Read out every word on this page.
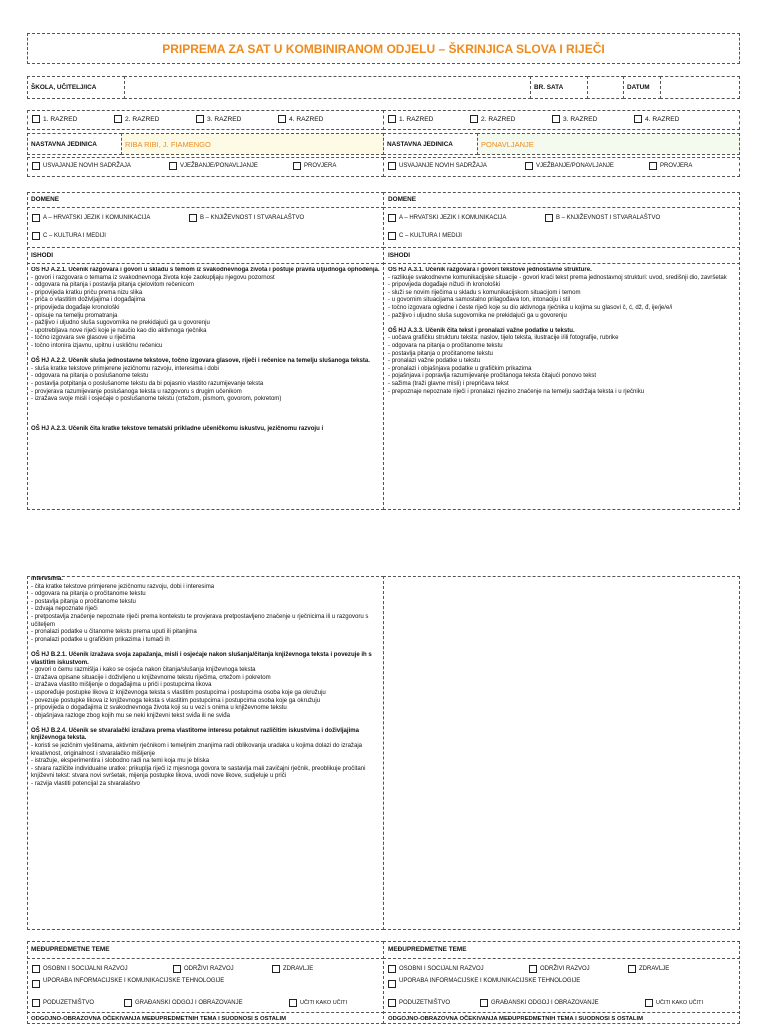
PRIPREMA ZA SAT U KOMBINIRANOM ODJELU – ŠKRINJICA SLOVA I RIJEČI
ŠKOLA, UČITELJ/ICA	BR. SATA	DATUM
1. RAZRED	2. RAZRED	3. RAZRED	4. RAZRED	1. RAZRED	2. RAZRED	3. RAZRED	4. RAZRED
NASTAVNA JEDINICA	RIBA RIBI, J. FIAMENGO	NASTAVNA JEDINICA	PONAVLJANJE
USVAJANJE NOVIH SADRŽAJA	VJEŽBANJE/PONAVLJANJE	PROVJERA	USVAJANJE NOVIH SADRŽAJA	VJEŽBANJE/PONAVLJANJE	PROVJERA
DOMENE
A – HRVATSKI JEZIK I KOMUNIKACIJA	B – KNJIŽEVNOST I STVARALAŠTVO
C – KULTURA I MEDIJI
ISHODI
DOMENE
A – HRVATSKI JEZIK I KOMUNIKACIJA	B – KNJIŽEVNOST I STVARALAŠTVO
C – KULTURA I MEDIJI
ISHODI
OŠ HJ A.2.1. Učenik razgovara i govori u skladu s temom iz svakodnevnoga života i poštuje pravila uljudnoga ophođenja.
- govori i razgovara o temama iz svakodnevnoga života koje zaokupljaju njegovu pozornost
- odgovara na pitanja i postavlja pitanja cjelovitom rečenicom
- pripovijeda kratku priču prema nizu slika
- priča o vlastitim doživljajima i događajima
- pripovijeda događaje kronološki
- opisuje na temelju promatranja
- pažljivo i uljudno sluša sugovornika ne prekidajući ga u govorenju
- upotrebljava nove riječi koje je naučio kao dio aktivnoga rječnika
- točno izgovara sve glasove u riječima
- točno intonira izjavnu, upitnu i uskličnu rečenicu
OŠ HJ A.2.2. Učenik sluša jednostavne tekstove, točno izgovara glasove, riječi i rečenice na temelju slušanoga teksta.
- sluša kratke tekstove primjerene jezičnomu razvoju, interesima i dobi
- odgovara na pitanja o poslušanome tekstu
- postavlja potpitanja o poslušanome tekstu da bi pojasnio vlastito razumijevanje teksta
- provjerava razumijevanje poslušanoga teksta u razgovoru s drugim učenikom
- izražava svoje misli i osjećaje o poslušanome tekstu (crtežom, pismom, govorom, pokretom)
OŠ HJ A.2.3. Učenik čita kratke tekstove tematski prikladne učeničkomu iskustvu, jezičnomu razvoju i
OŠ HJ A.3.1. Učenik razgovara i govori tekstove jednostavne strukture.
- razlikuje svakodnevne komunikacijske situacije - govori kraći tekst prema jednostavnoj strukturi: uvod, središnji dio, završetak
- pripovijeda događaje nižući ih kronološki
- služi se novim riječima u skladu s komunikacijskom situacijom i temom
- u govornim situacijama samostalno prilagođava ton, intonaciju i stil
- točno izgovara ogledne i česte riječi koje su dio aktivnoga rječnika u kojima su glasovi č, ć, dž, đ, ije/je/e/i
- pažljivo i uljudno sluša sugovornika ne prekidajući ga u govorenju
OŠ HJ A.3.3. Učenik čita tekst i pronalazi važne podatke u tekstu.
- uočava grafičku strukturu teksta: naslov, tijelo teksta, ilustracije i/ili fotografije, rubrike
- odgovara na pitanja o pročitanome tekstu
- postavlja pitanja o pročitanome tekstu
- pronalazi važne podatke u tekstu
- pronalazi i objašnjava podatke u grafičkim prikazima
- pojašnjava i popravlja razumijevanje pročitanoga teksta čitajući ponovo tekst
- sažima (traži glavne misli) i prepričava tekst
- prepoznaje nepoznate riječi i pronalazi njezino značenje na temelju sadržaja teksta i u rječniku
interesima.
- čita kratke tekstove primjerene jezičnomu razvoju, dobi i interesima
- odgovara na pitanja o pročitanome tekstu
- postavlja pitanja o pročitanome tekstu
- izdvaja nepoznate riječi
- pretpostavlja značenje nepoznate riječi prema kontekstu te provjerava pretpostavljeno značenje u rječnicima ili u razgovoru s učiteljem
- pronalazi podatke u čitanome tekstu prema uputi ili pitanjima
- pronalazi podatke u grafičkim prikazima i tumači ih
OŠ HJ B.2.1. Učenik izražava svoja zapažanja, misli i osjećaje nakon slušanja/čitanja književnoga teksta i povezuje ih s vlastitim iskustvom.
- govori o čemu razmišlja i kako se osjeća nakon čitanja/slušanja književnoga teksta
- izražava opisane situacije i doživljeno u književnome tekstu riječima, crtežom i pokretom
- izražava vlastito mišljenje o događajima u priči i postupcima likova
- uspoređuje postupke likova iz književnoga teksta s vlastitim postupcima i postupcima osoba koje ga okružuju
- povezuje postupke likova iz književnoga teksta s vlastitim postupcima i postupcima osoba koje ga okružuju
- pripovijeda o događajima iz svakodnevnoga života koji su u vezi s onima u književnome tekstu
- objašnjava razloge zbog kojih mu se neki književni tekst sviđa ili ne sviđa
OŠ HJ B.2.4. Učenik se stvaralački izražava prema vlastitome interesu potaknut različitim iskustvima i doživljajima književnoga teksta.
- koristi se jezičnim vještinama, aktivnim rječnikom i temeljnim znanjima radi oblikovanja uradaka u kojima dolazi do izražaja kreativnost, originalnost i stvaralačko mišljenje
- istražuje, eksperimentira i slobodno radi na temi koja mu je bliska
- stvara različite individualne uratke: prikuplja riječi iz mjesnoga govora te sastavlja mali zavičajni rječnik, preoblikuje pročitani književni tekst: stvara novi svršetak, mijenja postupke likova, uvodi nove likove, sudjeluje u priči
- razvija vlastiti potencijal za stvaralaštvo
MEĐUPREDMETNE TEME
OSOBNI I SOCIJALNI RAZVOJ	ODRŽIVI RAZVOJ	ZDRAVLJE
UPORABA INFORMACIJSKE I KOMUNIKACIJSKE TEHNOLOGIJE
PODUZETNIŠTVO	GRAĐANSKI ODGOJ I OBRAZOVANJE	UČITI KAKO UČITI
ODGOJNO-OBRAZOVNA OČEKIVANJA MEĐUPREDMETNIH TEMA I SUODNOSI S OSTALIM
MEĐUPREDMETNE TEME
OSOBNI I SOCIJALNI RAZVOJ	ODRŽIVI RAZVOJ	ZDRAVLJE
UPORABA INFORMACIJSKE I KOMUNIKACIJSKE TEHNOLOGIJE
PODUZETNIŠTVO	GRAĐANSKI ODGOJ I OBRAZOVANJE	UČITI KAKO UČITI
ODGOJNO-OBRAZOVNA OČEKIVANJA MEĐUPREDMETNIH TEMA I SUODNOSI S OSTALIM
